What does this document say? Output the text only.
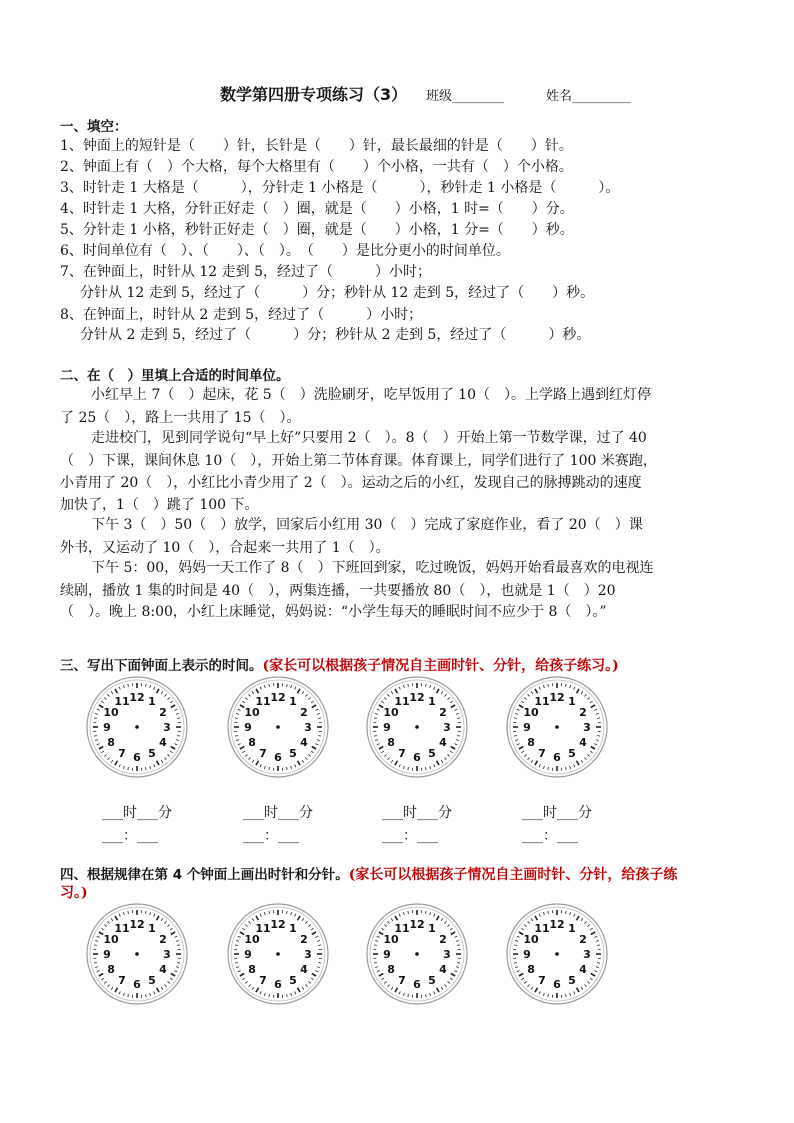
数学第四册专项练习（3） 班级________	姓名_________
一、填空：
1、钟面上的短针是（　　）针，长针是（　　）针，最长最细的针是（　　）针。
2、钟面上有（　）个大格，每个大格里有（　　）个小格，一共有（　）个小格。
3、时针走 1 大格是（　　　），分针走 1 小格是（　　　），秒针走 1 小格是（　　　）。
4、时针走 1 大格，分针正好走（　）圈，就是（　　）小格，1 时=（　　）分。
5、分针走 1 小格，秒针正好走（　）圈，就是（　　）小格，1 分=（　　）秒。
6、时间单位有（　）、（　　）、（　）。　（　　）是比分更小的时间单位。
7、在钟面上，时针从 12 走到 5，经过了（　　　）小时；
　分针从 12 走到 5，经过了（　　　）分；秒针从 12 走到 5，经过了（　　）秒。
8、在钟面上，时针从 2 走到 5，经过了（　　　）小时；
　分针从 2 走到 5，经过了（　　　）分；秒针从 2 走到 5，经过了（　　　）秒。
二、在（　）里填上合适的时间单位。
小红早上 7（　）起床，花 5（　）洗脸刷牙，吃早饭用了 10（　）。上学路上遇到红灯停
了 25（　），路上一共用了 15（　）。
走进校门，见到同学说句“早上好”只要用 2（　）。8（　）开始上第一节数学课，过了 40
（　）下课，课间休息 10（　），开始上第二节体育课。体育课上，同学们进行了 100 米赛跑，
小青用了 20（　），小红比小青少用了 2（　）。运动之后的小红，发现自己的脉搏跳动的速度
加快了，1（　）跳了 100 下。
下午 3（　）50（　）放学，回家后小红用 30（　）完成了家庭作业，看了 20（　）课
外书，又运动了 10（　），合起来一共用了 1（　）。
下午 5：00，妈妈一天工作了 8（　）下班回到家，吃过晚饭，妈妈开始看最喜欢的电视连
续剧，播放 1 集的时间是 40（　），两集连播，一共要播放 80（　），也就是 1（　）20
（　）。晚上 8:00，小红上床睡觉，妈妈说：“小学生每天的睡眠时间不应少于 8（　）。”
三、写出下面钟面上表示的时间。(家长可以根据孩子情况自主画时针、分针，给孩子练习。)
12 1
2
3
4
5
6
7
8
9
10
11	12 1
2
3
4
5
6
7
8
9
10
11	12 1
2
3
4
5
6
7
8
9
10
11	12 1
2
3
4
5
6
7
8
9
10
11
___时___分
___：___
___时___分
___：___
___时___分
___：___
___时___分
___：___
四、根据规律在第 4 个钟面上画出时针和分针。(家长可以根据孩子情况自主画时针、分针，给孩子练
习。)
12 1
2
3
4
5
6
7
8
9
10
11	12 1
2
3
4
5
6
7
8
9
10
11	12 1
2
3
4
5
6
7
8
9
10
11	12 1
2
3
4
5
6
7
8
9
10
11
